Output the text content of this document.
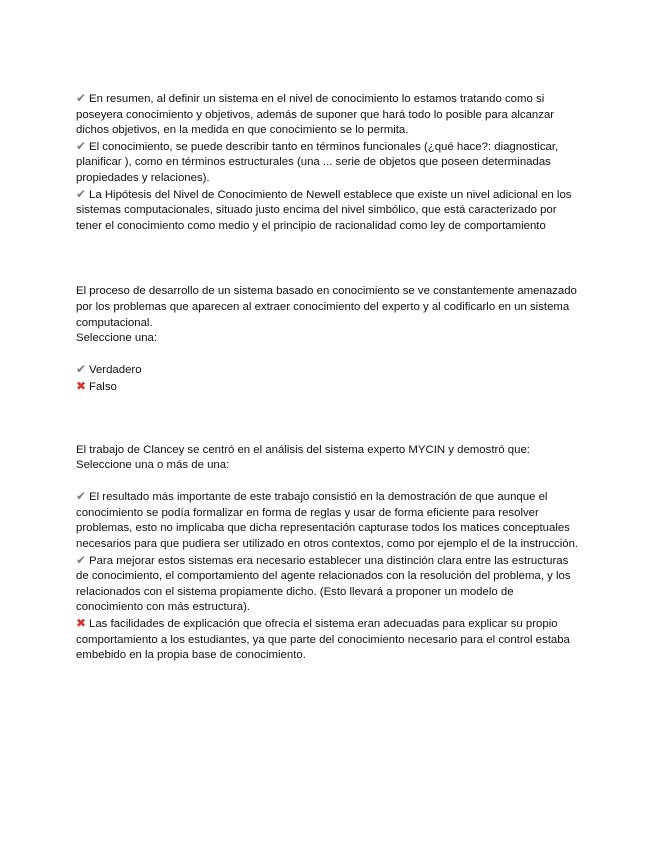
✔ En resumen, al definir un sistema en el nivel de conocimiento lo estamos tratando como si poseyera conocimiento y objetivos, además de suponer que hará todo lo posible para alcanzar dichos objetivos, en la medida en que conocimiento se lo permita.

✔ El conocimiento, se puede describir tanto en términos funcionales (¿qué hace?: diagnosticar, planificar ), como en términos estructurales (una ... serie de objetos que poseen determinadas propiedades y relaciones).

✔ La Hipótesis del Nivel de Conocimiento de Newell establece que existe un nivel adicional en los sistemas computacionales, situado justo encima del nivel simbólico, que está caracterizado por tener el conocimiento como medio y el principio de racionalidad como ley de comportamiento

El proceso de desarrollo de un sistema basado en conocimiento se ve constantemente amenazado por los problemas que aparecen al extraer conocimiento del experto y al codificarlo en un sistema computacional.

Seleccione una:

✔ Verdadero

✖ Falso

El trabajo de Clancey se centró en el análisis del sistema experto MYCIN y demostró que:

Seleccione una o más de una:

✔ El resultado más importante de este trabajo consistió en la demostración de que aunque el conocimiento se podía formalizar en forma de reglas y usar de forma eficiente para resolver problemas, esto no implicaba que dicha representación capturase todos los matices conceptuales necesarios para que pudiera ser utilizado en otros contextos, como por ejemplo el de la instrucción.

✔ Para mejorar estos sistemas era necesario establecer una distinción clara entre las estructuras de conocimiento, el comportamiento del agente relacionados con la resolución del problema, y los relacionados con el sistema propiamente dicho. (Esto llevará a proponer un modelo de conocimiento con más estructura).

✖ Las facilidades de explicación que ofrecía el sistema eran adecuadas para explicar su propio comportamiento a los estudiantes, ya que parte del conocimiento necesario para el control estaba embebido en la propia base de conocimiento.
